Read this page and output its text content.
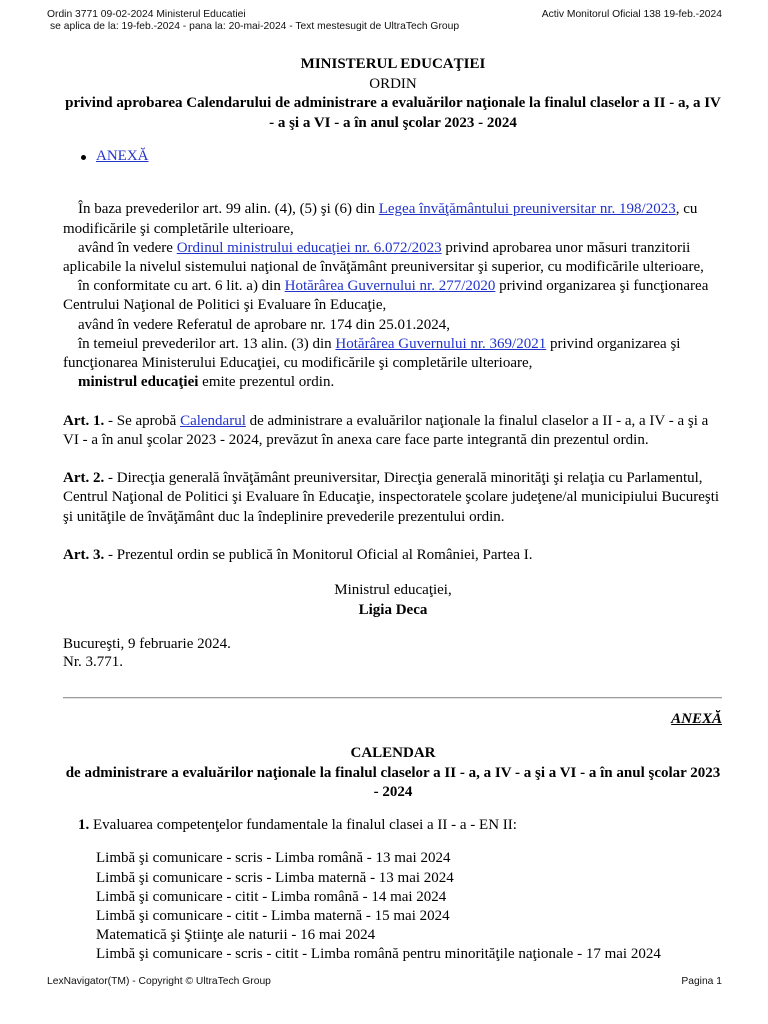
Ordin 3771 09-02-2024 Ministerul Educatiei	Activ Monitorul Oficial 138 19-feb.-2024
se aplica de la: 19-feb.-2024 - pana la: 20-mai-2024 - Text mestesugit de UltraTech Group

MINISTERUL EDUCAŢIEI

ORDIN

privind aprobarea Calendarului de administrare a evaluărilor naţionale la finalul claselor a II - a, a IV - a şi a VI - a în anul şcolar 2023 - 2024

ANEXĂ

În baza prevederilor art. 99 alin. (4), (5) şi (6) din Legea învăţământului preuniversitar nr. 198/2023, cu modificările şi completările ulterioare,

având în vedere Ordinul ministrului educaţiei nr. 6.072/2023 privind aprobarea unor măsuri tranzitorii aplicabile la nivelul sistemului naţional de învăţământ preuniversitar şi superior, cu modificările ulterioare,

în conformitate cu art. 6 lit. a) din Hotărârea Guvernului nr. 277/2020 privind organizarea şi funcţionarea Centrului Naţional de Politici şi Evaluare în Educaţie,

având în vedere Referatul de aprobare nr. 174 din 25.01.2024,

în temeiul prevederilor art. 13 alin. (3) din Hotărârea Guvernului nr. 369/2021 privind organizarea şi funcţionarea Ministerului Educaţiei, cu modificările şi completările ulterioare,

ministrul educaţiei emite prezentul ordin.

Art. 1. - Se aprobă Calendarul de administrare a evaluărilor naţionale la finalul claselor a II - a, a IV - a şi a VI - a în anul şcolar 2023 - 2024, prevăzut în anexa care face parte integrantă din prezentul ordin.

Art. 2. - Direcţia generală învăţământ preuniversitar, Direcţia generală minorităţi şi relaţia cu Parlamentul, Centrul Naţional de Politici şi Evaluare în Educaţie, inspectoratele şcolare judeţene/al municipiului Bucureşti şi unităţile de învăţământ duc la îndeplinire prevederile prezentului ordin.

Art. 3. - Prezentul ordin se publică în Monitorul Oficial al României, Partea I.

Ministrul educaţiei,

Ligia Deca

Bucureşti, 9 februarie 2024.

Nr. 3.771.

ANEXĂ

CALENDAR

de administrare a evaluărilor naţionale la finalul claselor a II - a, a IV - a şi a VI - a în anul şcolar 2023 - 2024

1. Evaluarea competenţelor fundamentale la finalul clasei a II - a - EN II:

Limbă şi comunicare - scris - Limba română - 13 mai 2024

Limbă şi comunicare - scris - Limba maternă - 13 mai 2024

Limbă şi comunicare - citit - Limba română - 14 mai 2024

Limbă şi comunicare - citit - Limba maternă - 15 mai 2024

Matematică şi Ştiinţe ale naturii - 16 mai 2024

Limbă şi comunicare - scris - citit - Limba română pentru minorităţile naţionale - 17 mai 2024

LexNavigator(TM) - Copyright © UltraTech Group	Pagina 1
